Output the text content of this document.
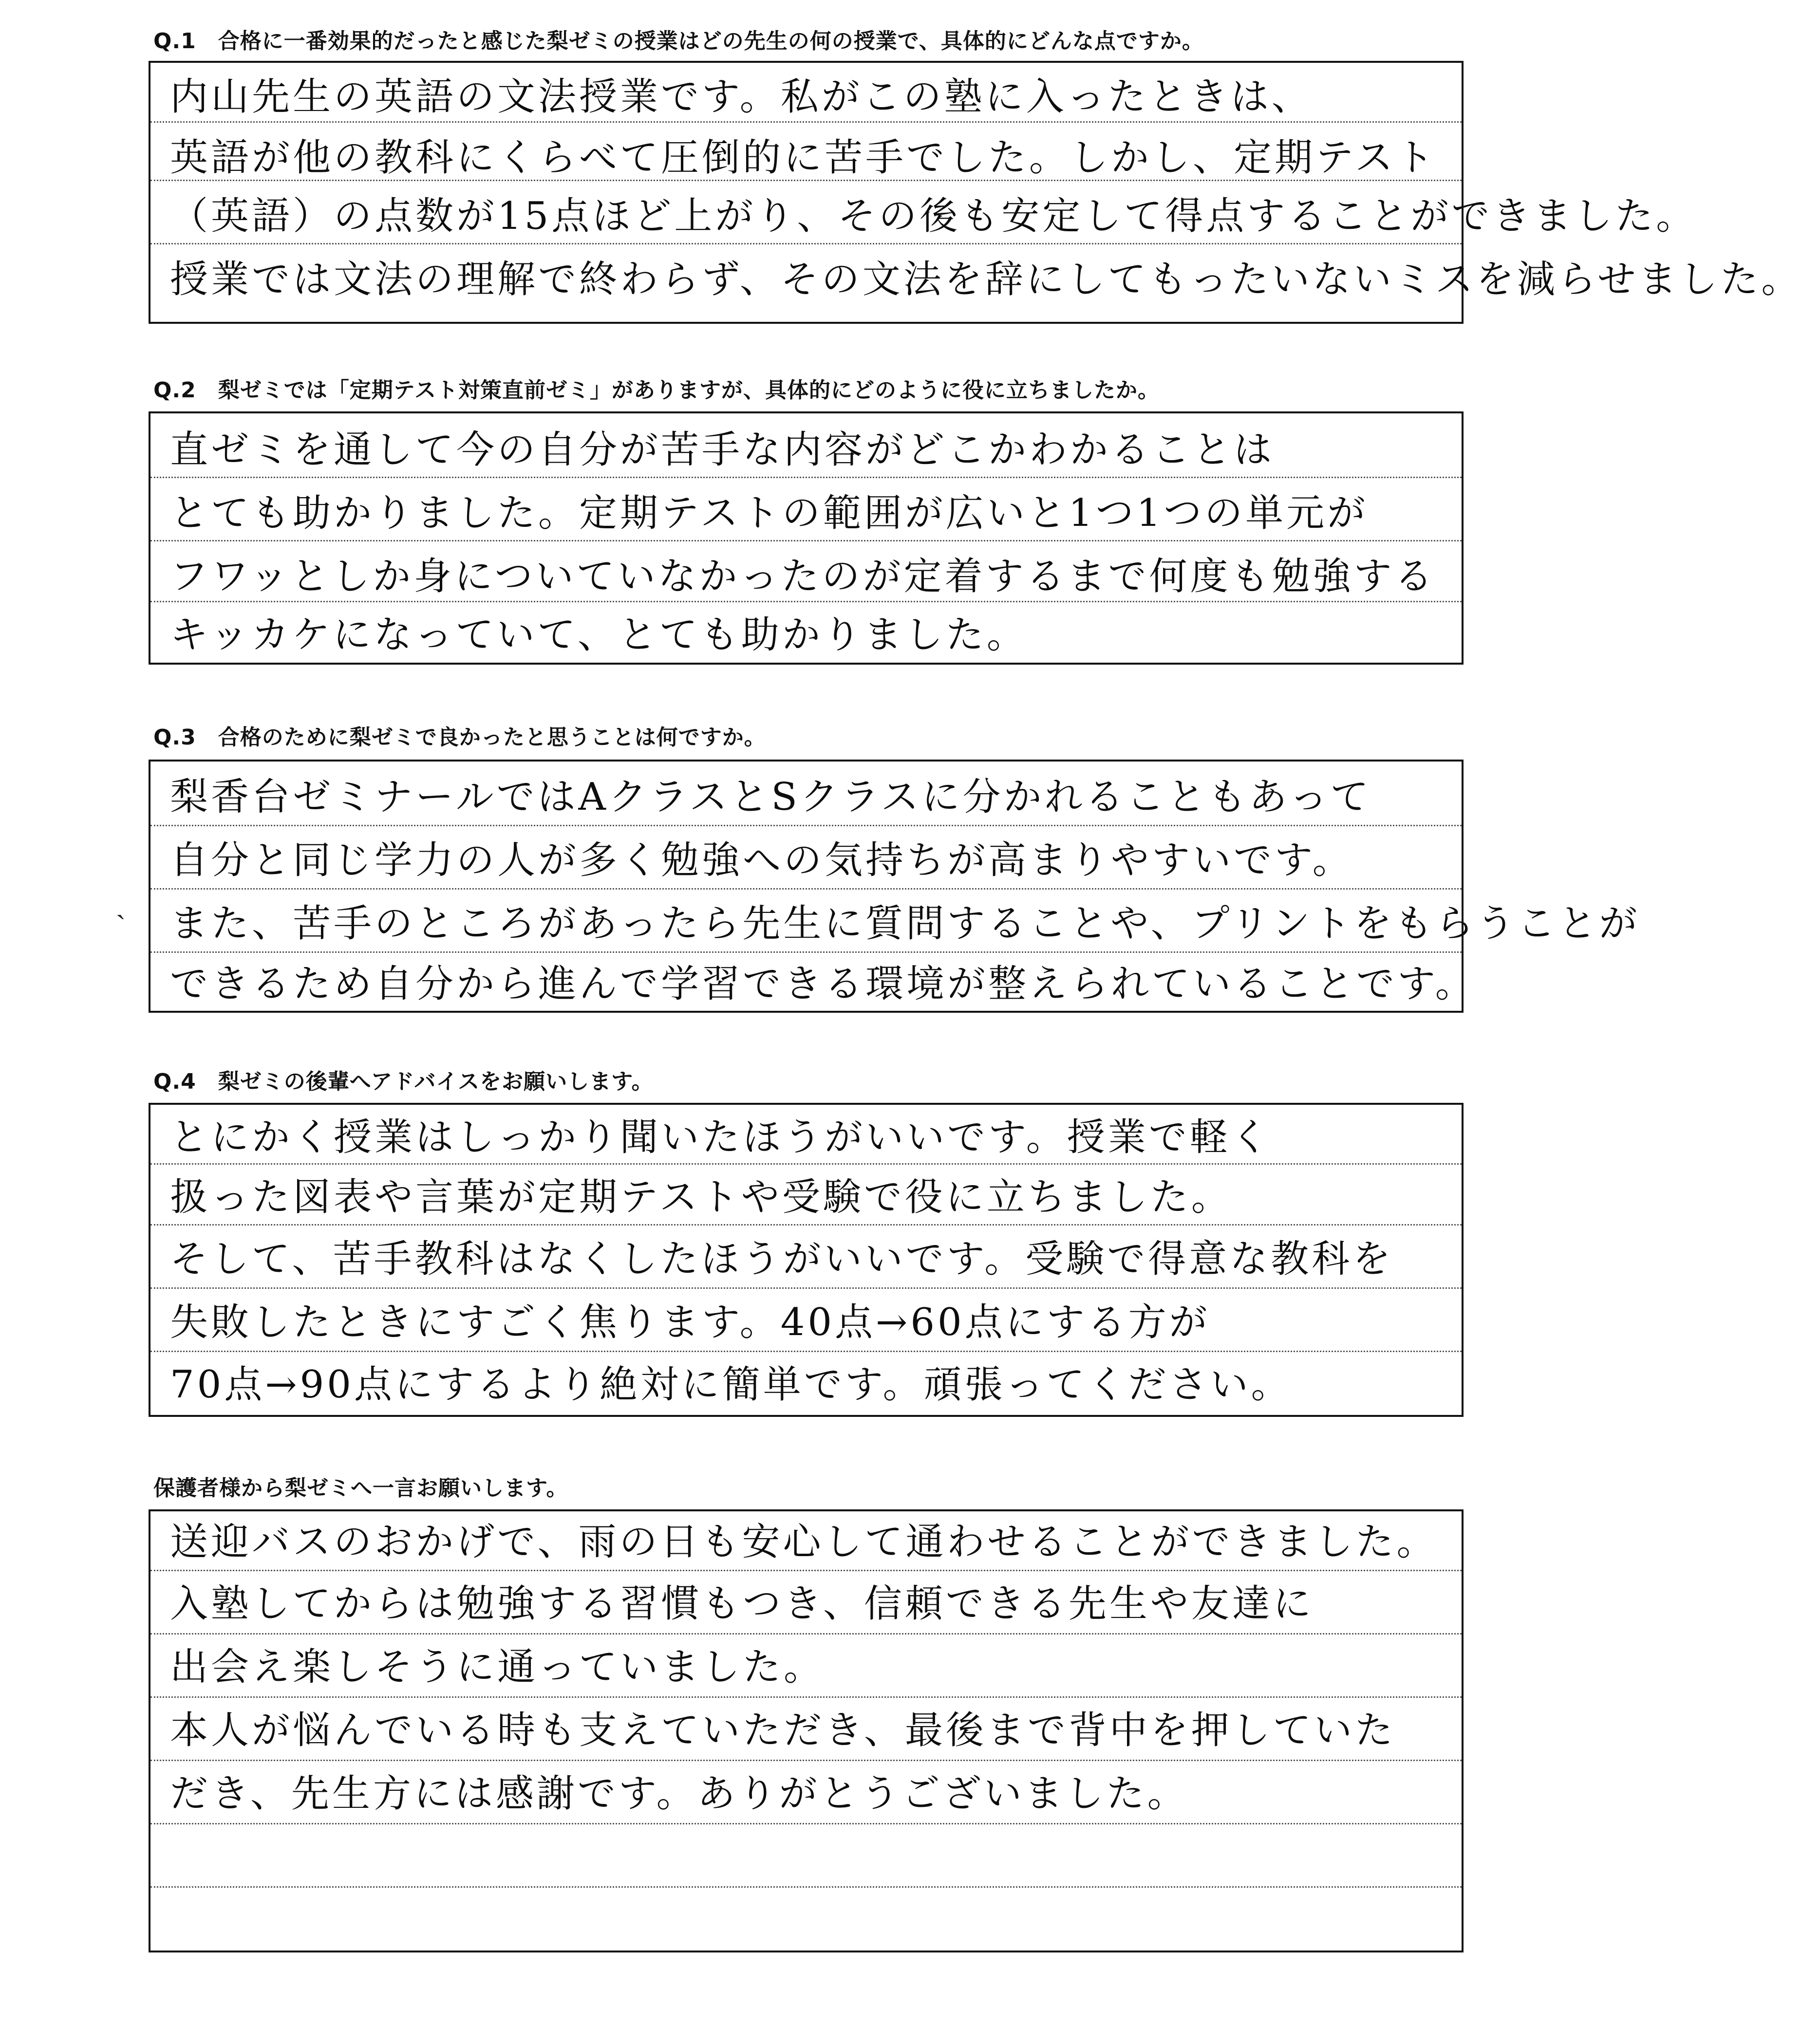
Q.1　合格に一番効果的だったと感じた梨ゼミの授業はどの先生の何の授業で、具体的にどんな点ですか。
内山先生の英語の文法授業です。私がこの塾に入ったときは、
英語が他の教科にくらべて圧倒的に苦手でした。しかし、定期テスト
（英語）の点数が15点ほど上がり、その後も安定して得点することができました。
授業では文法の理解で終わらず、その文法を辞にしてもったいないミスを減らせました。
Q.2　梨ゼミでは「定期テスト対策直前ゼミ」がありますが、具体的にどのように役に立ちましたか。
直ゼミを通して今の自分が苦手な内容がどこかわかることは
とても助かりました。定期テストの範囲が広いと1つ1つの単元が
フワッとしか身についていなかったのが定着するまで何度も勉強する
キッカケになっていて、とても助かりました。
Q.3　合格のために梨ゼミで良かったと思うことは何ですか。
梨香台ゼミナールではAクラスとSクラスに分かれることもあって
自分と同じ学力の人が多く勉強への気持ちが高まりやすいです。
また、苦手のところがあったら先生に質問することや、プリントをもらうことが
できるため自分から進んで学習できる環境が整えられていることです。
ˎ
Q.4　梨ゼミの後輩へアドバイスをお願いします。
とにかく授業はしっかり聞いたほうがいいです。授業で軽く
扱った図表や言葉が定期テストや受験で役に立ちました。
そして、苦手教科はなくしたほうがいいです。受験で得意な教科を
失敗したときにすごく焦ります。40点→60点にする方が
70点→90点にするより絶対に簡単です。頑張ってください。
保護者様から梨ゼミへ一言お願いします。
送迎バスのおかげで、雨の日も安心して通わせることができました。
入塾してからは勉強する習慣もつき、信頼できる先生や友達に
出会え楽しそうに通っていました。
本人が悩んでいる時も支えていただき、最後まで背中を押していた
だき、先生方には感謝です。ありがとうございました。
